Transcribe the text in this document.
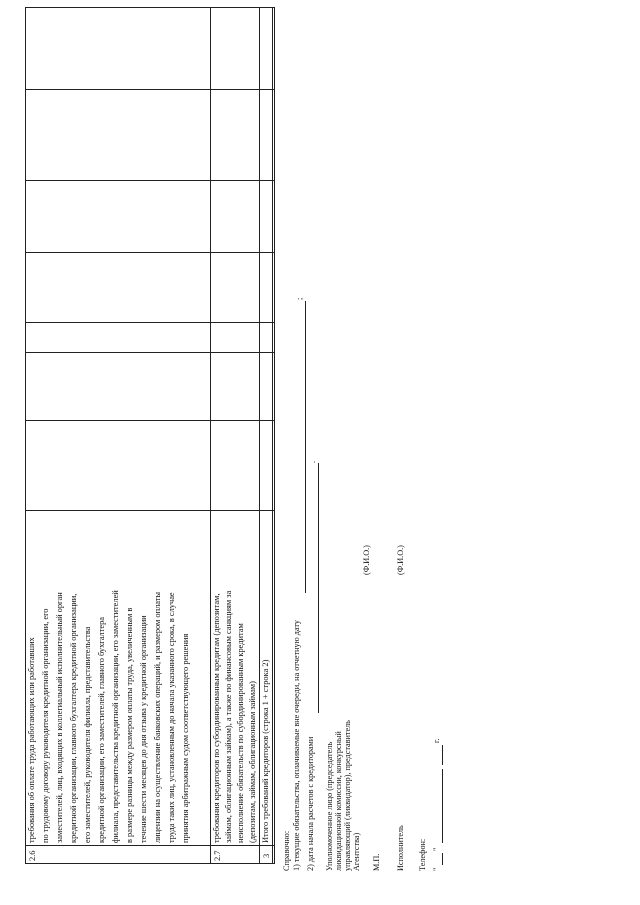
2.6
требования об оплате труда работающих или работавших по трудовому договору руководителя кредитной организации, его заместителей, лиц, входящих в коллегиальный исполнительный орган кредитной организации, главного бухгалтера кредитной организации, его заместителей, руководителя филиала, представительства кредитной организации, его заместителей, главного бухгалтера филиала, представительства кредитной организации, его заместителей в размере разницы между размером оплаты труда, увеличенным в течение шести месяцев до дня отзыва у кредитной организации лицензии на осуществление банковских операций, и размером оплаты труда таких лиц, установленным до начала указанного срока, в случае принятия арбитражным судом соответствующего решения
2.7
требования кредиторов по субординированным кредитам (депозитам, займам, облигационным займам), а также по финансовым санкциям за неисполнение обязательств по субординированным кредитам (депозитам, займам, облигационным займам)
3
Итого требований кредиторов (строка 1 + строка 2)
Справочно: 1) текущие обязательства, оплачиваемые вне очереди, на отчетную дату
;
2) дата начала расчетов с кредиторами
.
Уполномоченное лицо (председатель ликвидационной комиссии, конкурсный управляющий (ликвидатор), представитель Агентства)
(Ф.И.О.)
М.П. Исполнитель
(Ф.И.О.)
Телефон: "
"
г.
